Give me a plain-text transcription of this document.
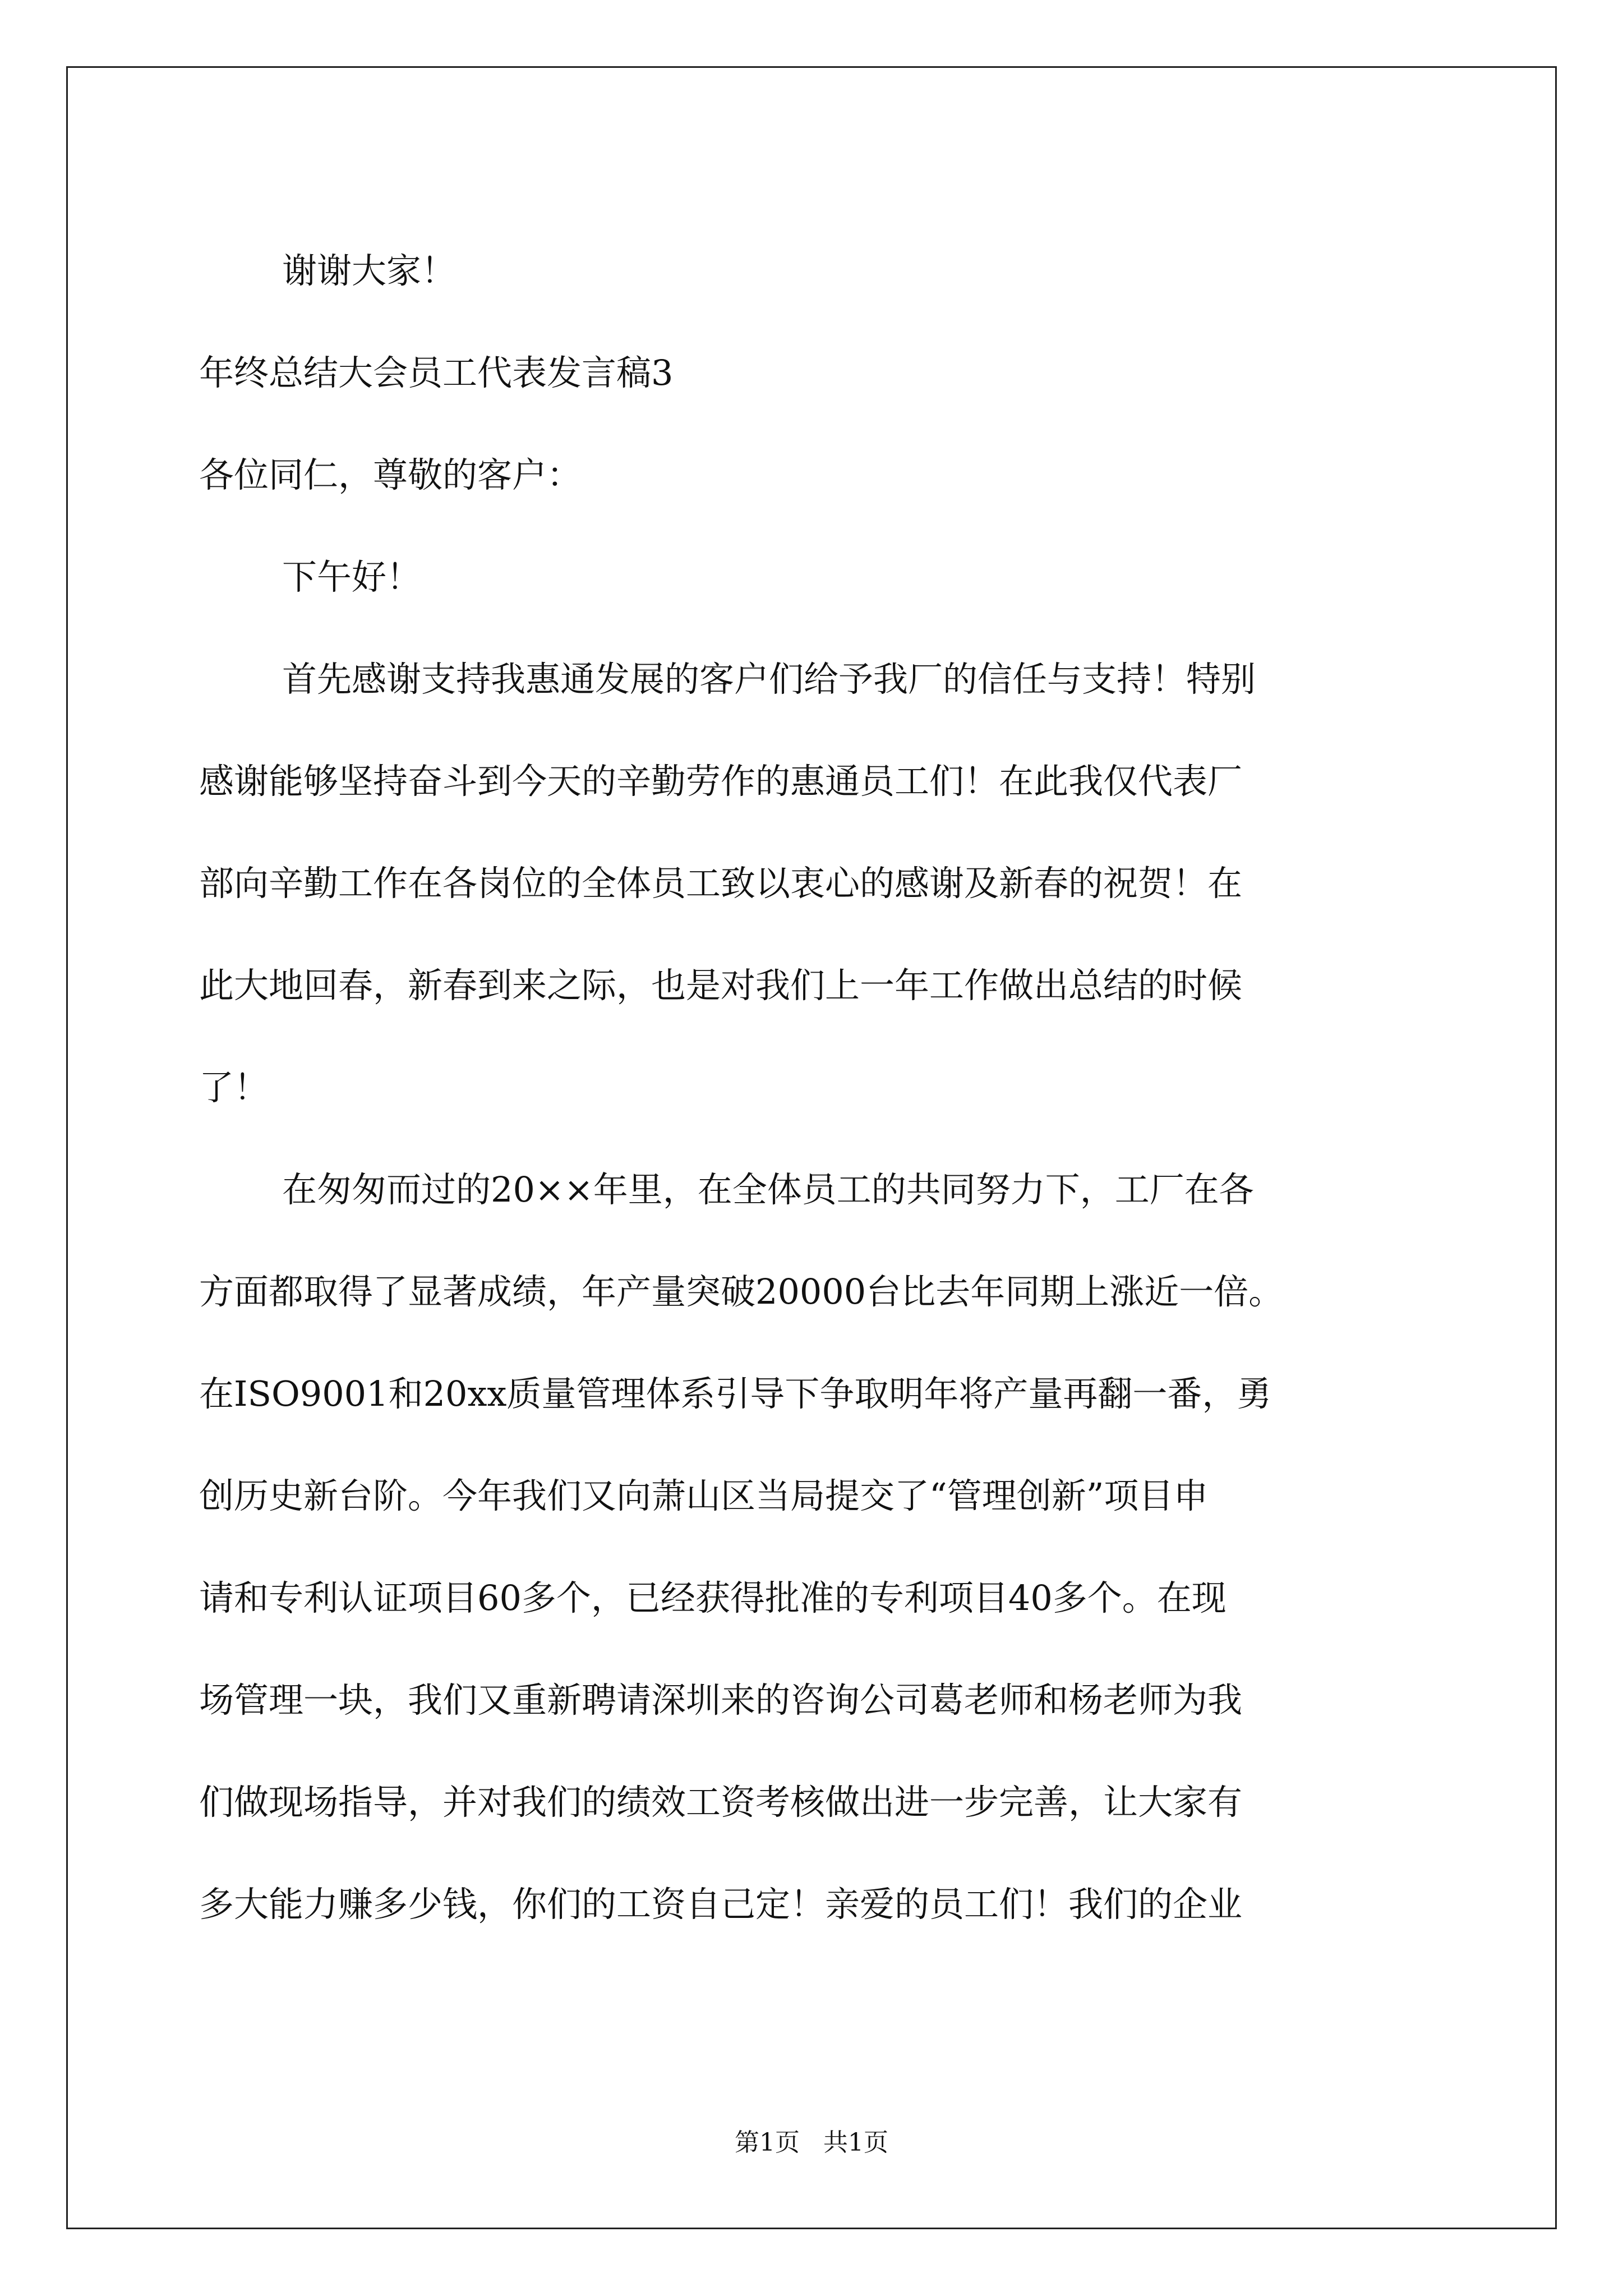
谢谢大家！
年终总结大会员工代表发言稿3
各位同仁，尊敬的客户：
下午好！
首先感谢支持我惠通发展的客户们给予我厂的信任与支持！特别
感谢能够坚持奋斗到今天的辛勤劳作的惠通员工们！在此我仅代表厂
部向辛勤工作在各岗位的全体员工致以衷心的感谢及新春的祝贺！在
此大地回春，新春到来之际，也是对我们上一年工作做出总结的时候
了！
在匆匆而过的20××年里，在全体员工的共同努力下，工厂在各
方面都取得了显著成绩，年产量突破20000台比去年同期上涨近一倍。
在ISO9001和20xx质量管理体系引导下争取明年将产量再翻一番，勇
创历史新台阶。今年我们又向萧山区当局提交了“管理创新”项目申
请和专利认证项目60多个，已经获得批准的专利项目40多个。在现
场管理一块，我们又重新聘请深圳来的咨询公司葛老师和杨老师为我
们做现场指导，并对我们的绩效工资考核做出进一步完善，让大家有
多大能力赚多少钱，你们的工资自己定！亲爱的员工们！我们的企业
第1页   共1页
